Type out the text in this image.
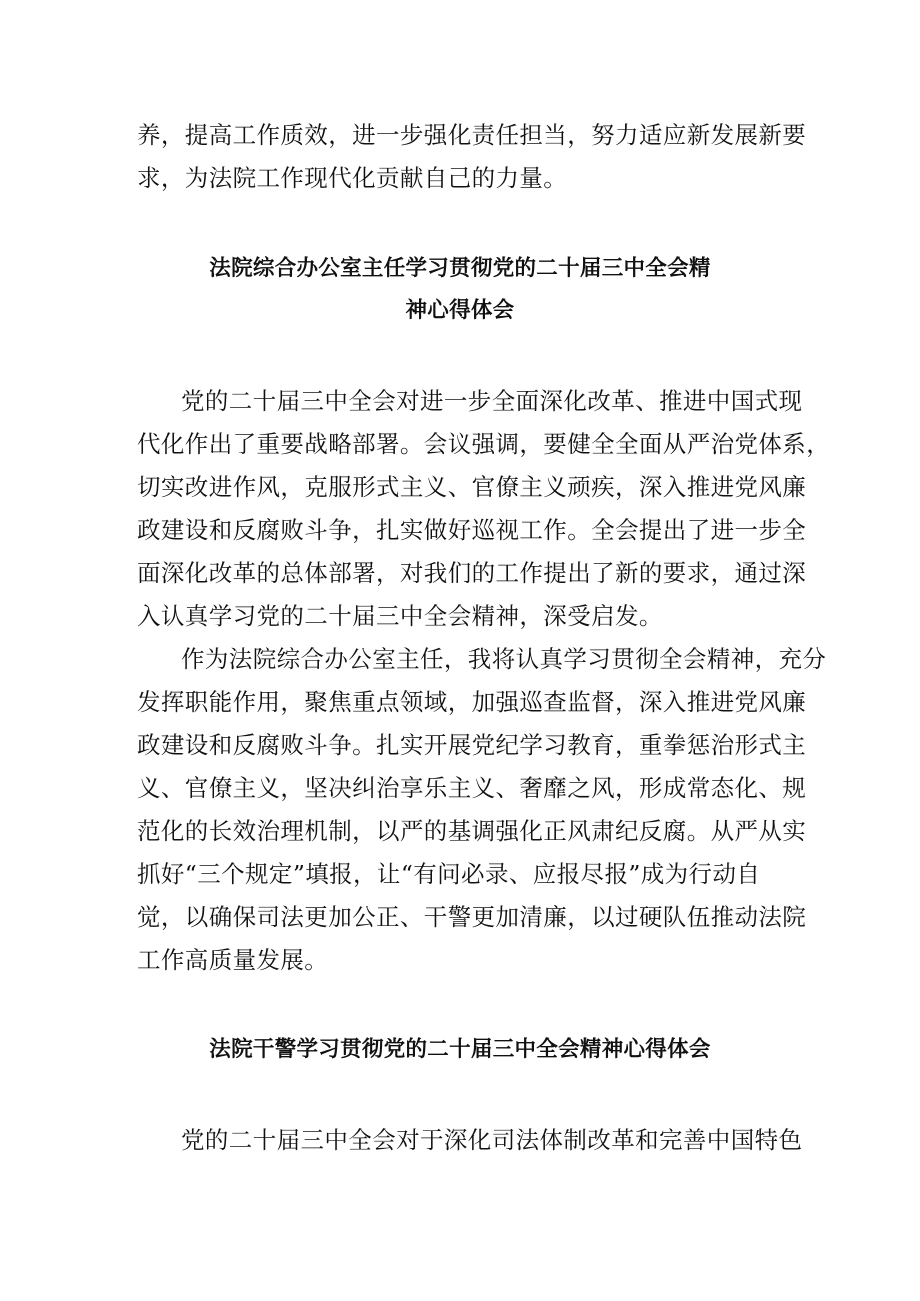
养，提高工作质效，进一步强化责任担当，努力适应新发展新要
求，为法院工作现代化贡献自己的力量。
法院综合办公室主任学习贯彻党的二十届三中全会精
神心得体会
党的二十届三中全会对进一步全面深化改革、推进中国式现
代化作出了重要战略部署。会议强调，要健全全面从严治党体系，
切实改进作风，克服形式主义、官僚主义顽疾，深入推进党风廉
政建设和反腐败斗争，扎实做好巡视工作。全会提出了进一步全
面深化改革的总体部署，对我们的工作提出了新的要求，通过深
入认真学习党的二十届三中全会精神，深受启发。
作为法院综合办公室主任，我将认真学习贯彻全会精神，充分
发挥职能作用，聚焦重点领域，加强巡查监督，深入推进党风廉
政建设和反腐败斗争。扎实开展党纪学习教育，重拳惩治形式主
义、官僚主义，坚决纠治享乐主义、奢靡之风，形成常态化、规
范化的长效治理机制，以严的基调强化正风肃纪反腐。从严从实
抓好“三个规定”填报，让“有问必录、应报尽报”成为行动自
觉，以确保司法更加公正、干警更加清廉，以过硬队伍推动法院
工作高质量发展。
法院干警学习贯彻党的二十届三中全会精神心得体会
党的二十届三中全会对于深化司法体制改革和完善中国特色
